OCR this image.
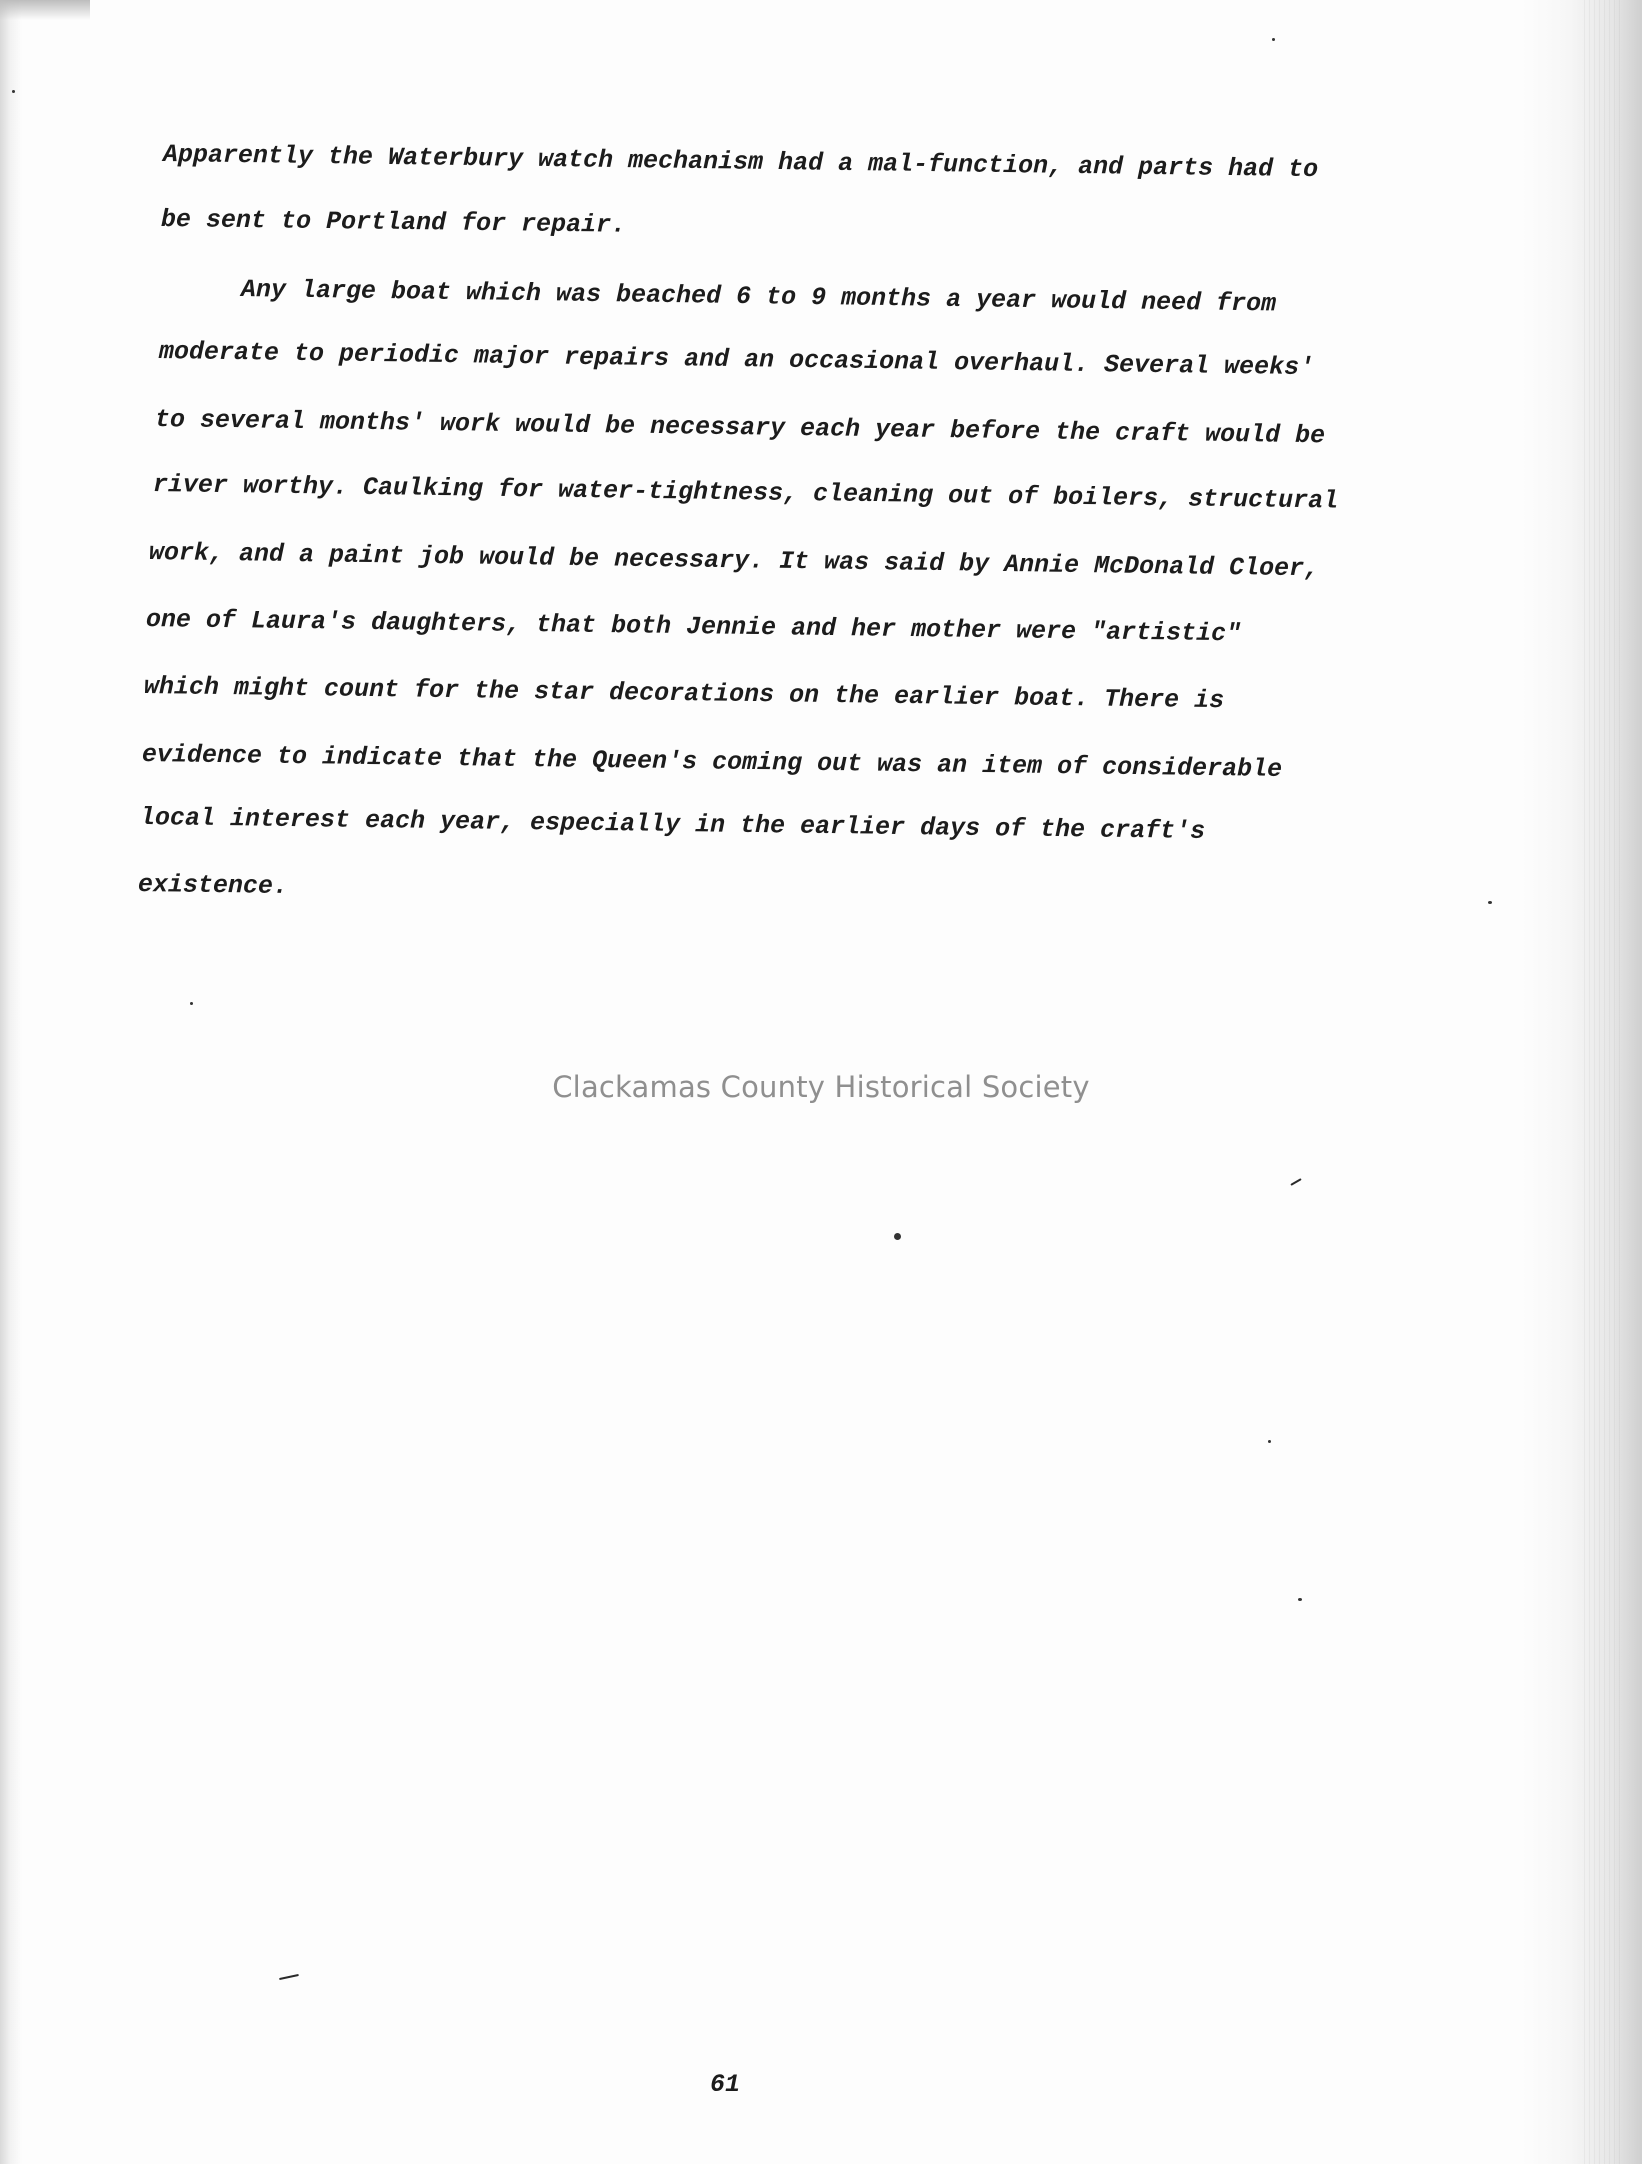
Apparently the Waterbury watch mechanism had a mal-function, and parts had to

be sent to Portland for repair.

Any large boat which was beached 6 to 9 months a year would need from

moderate to periodic major repairs and an occasional overhaul. Several weeks'

to several months' work would be necessary each year before the craft would be

river worthy. Caulking for water-tightness, cleaning out of boilers, structural

work, and a paint job would be necessary. It was said by Annie McDonald Cloer,

one of Laura's daughters, that both Jennie and her mother were "artistic"

which might count for the star decorations on the earlier boat. There is

evidence to indicate that the Queen's coming out was an item of considerable

local interest each year, especially in the earlier days of the craft's

existence.

Clackamas County Historical Society
61
